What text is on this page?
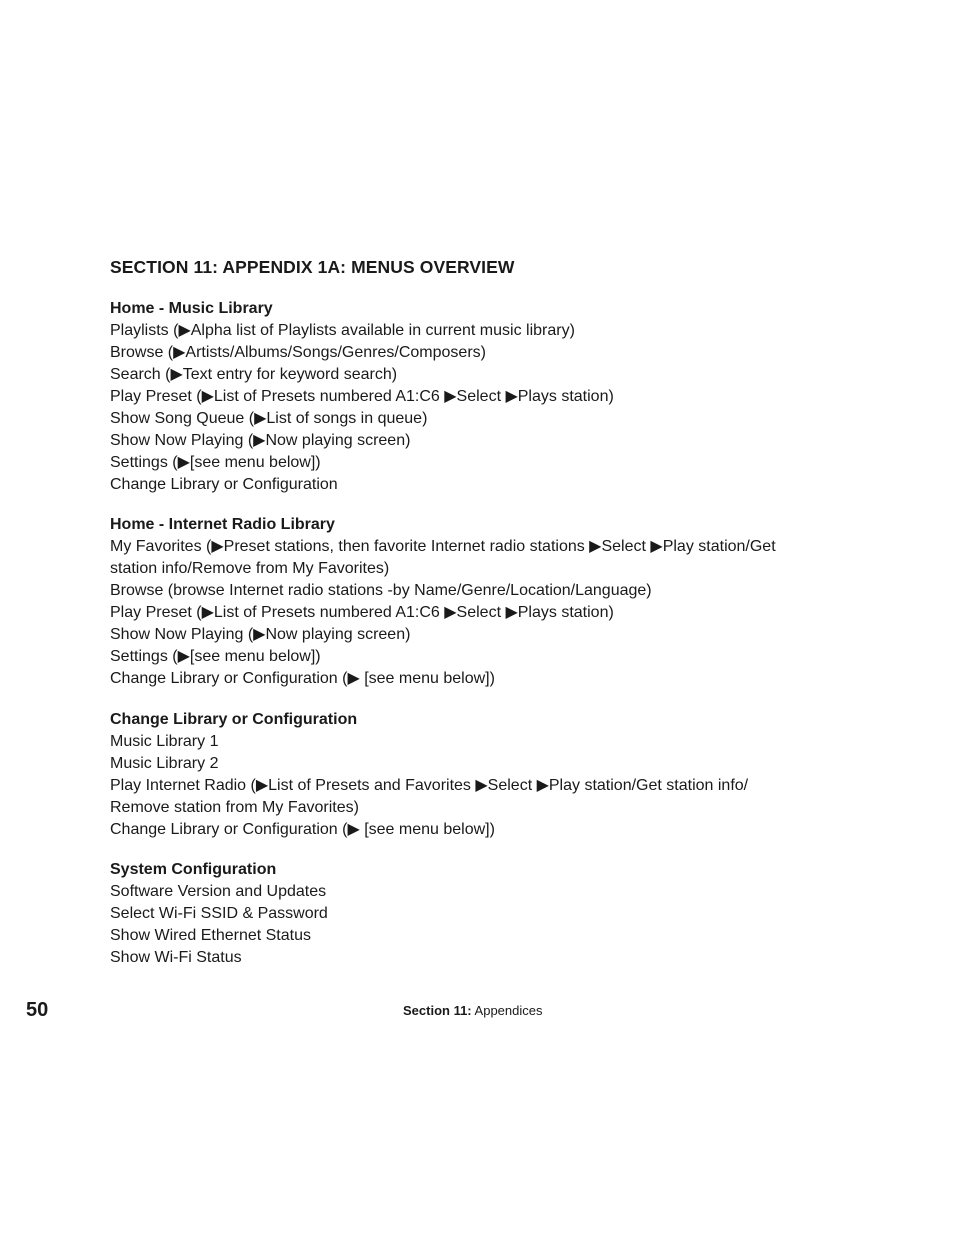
SECTION 11: APPENDIX 1A: MENUS OVERVIEW
Home - Music Library
Playlists (▶Alpha list of Playlists available in current music library)
Browse (▶Artists/Albums/Songs/Genres/Composers)
Search (▶Text entry for keyword search)
Play Preset (▶List of Presets numbered A1:C6 ▶Select ▶Plays station)
Show Song Queue (▶List of songs in queue)
Show Now Playing (▶Now playing screen)
Settings (▶[see menu below])
Change Library or Configuration
Home - Internet Radio Library
My Favorites (▶Preset stations, then favorite Internet radio stations ▶Select ▶Play station/Get
station info/Remove from My Favorites)
Browse (browse Internet radio stations -by Name/Genre/Location/Language)
Play Preset (▶List of Presets numbered A1:C6 ▶Select ▶Plays station)
Show Now Playing (▶Now playing screen)
Settings (▶[see menu below])
Change Library or Configuration (▶ [see menu below])
Change Library or Configuration
Music Library 1
Music Library 2
Play Internet Radio (▶List of Presets and Favorites ▶Select ▶Play station/Get station info/
Remove station from My Favorites)
Change Library or Configuration (▶ [see menu below])
System Configuration
Software Version and Updates
Select Wi-Fi SSID & Password
Show Wired Ethernet Status
Show Wi-Fi Status
50	Section 11: Appendices
